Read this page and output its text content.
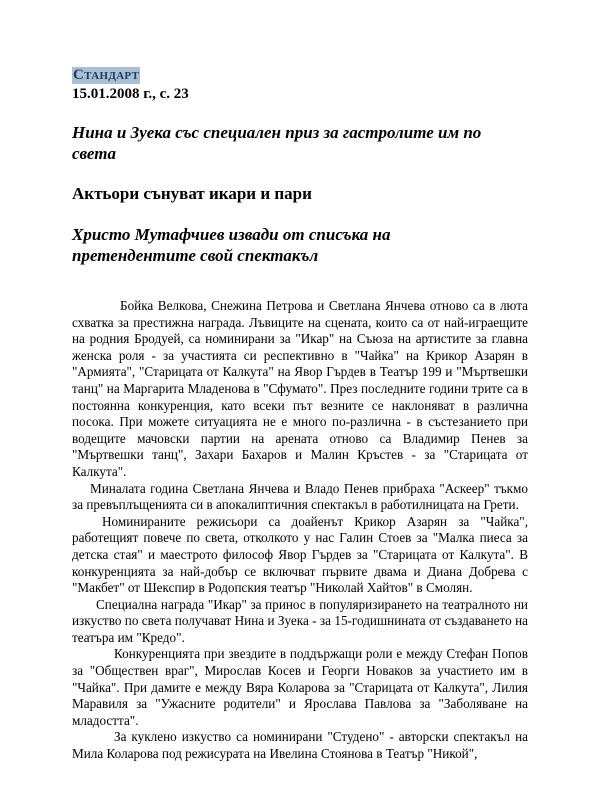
Стандарт
15.01.2008 г., с. 23
Нина и Зуека със специален приз за гастролите им по света
Актьори сънуват икари и пари
Христо Мутафчиев извади от списъка на претендентите свой спектакъл

Бойка Велкова, Снежина Петрова и Светлана Янчева отново са в люта схватка за престижна награда. Лъвиците на сцената, които са от най-играещите на родния Бродуей, са номинирани за "Икар" на Съюза на артистите за главна женска роля - за участията си респективно в "Чайка" на Крикор Азарян в "Армията", "Старицата от Калкута" на Явор Гърдев в Театър 199 и "Мъртвешки танц" на Маргарита Младенова в "Сфумато". През последните години трите са в постоянна конкуренция, като всеки път везните се наклоняват в различна посока. При можете ситуацията не е много по-различна - в състезанието при водещите мачовски партии на арената отново са Владимир Пенев за "Мъртвешки танц", Захари Бахаров и Малин Кръстев - за "Старицата от Калкута".

Миналата година Светлана Янчева и Владо Пенев прибраха "Аскеер" тъкмо за превъплъщенията си в апокалиптичния спектакъл в работилницата на Грети.

Номинираните режисьори са доайенът Крикор Азарян за "Чайка", работещият повече по света, отколкото у нас Галин Стоев за "Малка пиеса за детска стая" и маестрото философ Явор Гърдев за "Старицата от Калкута". В конкуренцията за най-добър се включват първите двама и Диана Добрева с "Макбет" от Шекспир в Родопския театър "Николай Хайтов" в Смолян.

Специална награда "Икар" за принос в популяризирането на театралното ни изкуство по света получават Нина и Зуека - за 15-годишнината от създаването на театъра им "Кредо".

Конкуренцията при звездите в поддържащи роли е между Стефан Попов за "Обществен враг", Мирослав Косев и Георги Новаков за участието им в "Чайка". При дамите е между Вяра Коларова за "Старицата от Калкута", Лилия Маравиля за "Ужасните родители" и Ярослава Павлова за "Заболяване на младостта".

За кукленo изкуство са номинирани "Студено" - авторски спектакъл на Мила Коларова под режисурата на Ивелина Стоянова в Театър "Никой",
